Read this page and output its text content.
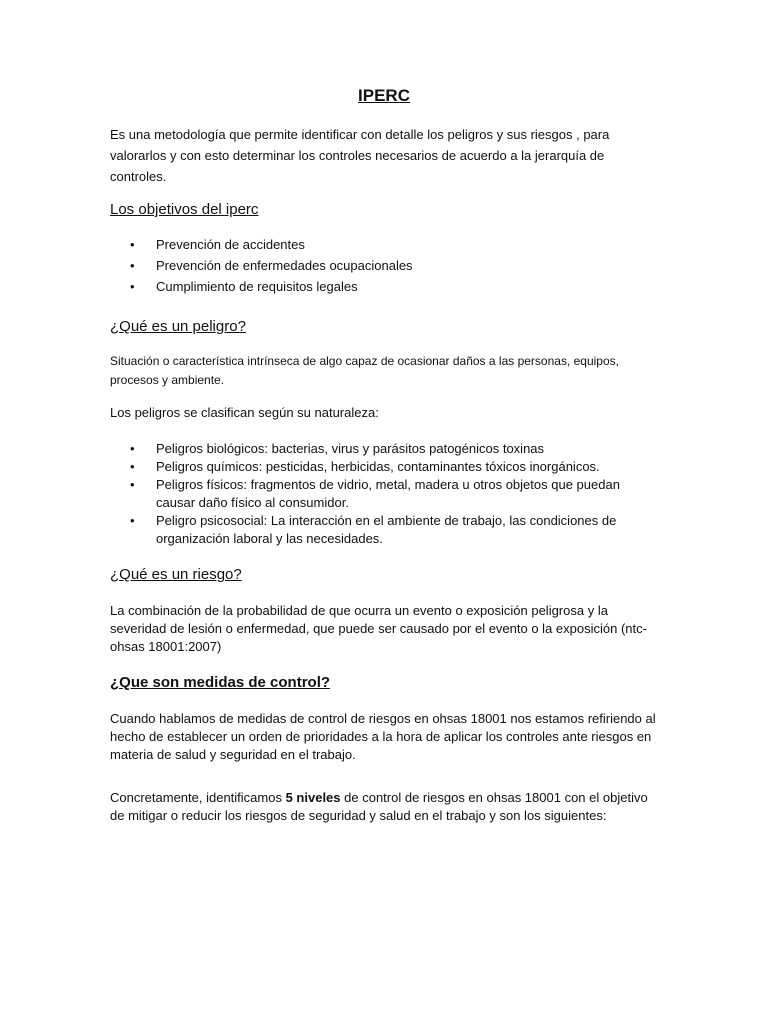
IPERC
Es una metodología que permite identificar con detalle los peligros y sus riesgos , para valorarlos y con esto determinar los controles necesarios de acuerdo a la jerarquía de controles.
Los objetivos del iperc
• Prevención de accidentes
• Prevención de enfermedades ocupacionales
• Cumplimiento de requisitos legales
¿Qué es un peligro?
Situación o característica intrínseca de algo capaz de ocasionar daños a las personas, equipos, procesos y ambiente.
Los peligros se clasifican según su naturaleza:
• Peligros biológicos: bacterias, virus y parásitos patogénicos toxinas
• Peligros químicos: pesticidas, herbicidas, contaminantes tóxicos inorgánicos.
• Peligros físicos: fragmentos de vidrio, metal, madera u otros objetos que puedan causar daño físico al consumidor.
• Peligro psicosocial: La interacción en el ambiente de trabajo, las condiciones de organización laboral y las necesidades.
¿Qué es un riesgo?
La combinación de la probabilidad de que ocurra un evento o exposición peligrosa y la severidad de lesión o enfermedad, que puede ser causado por el evento o la exposición (ntc-ohsas 18001:2007)
¿Que son medidas de control?
Cuando hablamos de medidas de control de riesgos en ohsas 18001 nos estamos refiriendo al hecho de establecer un orden de prioridades a la hora de aplicar los controles ante riesgos en materia de salud y seguridad en el trabajo.
Concretamente, identificamos 5 niveles de control de riesgos en ohsas 18001 con el objetivo de mitigar o reducir los riesgos de seguridad y salud en el trabajo y son los siguientes:
